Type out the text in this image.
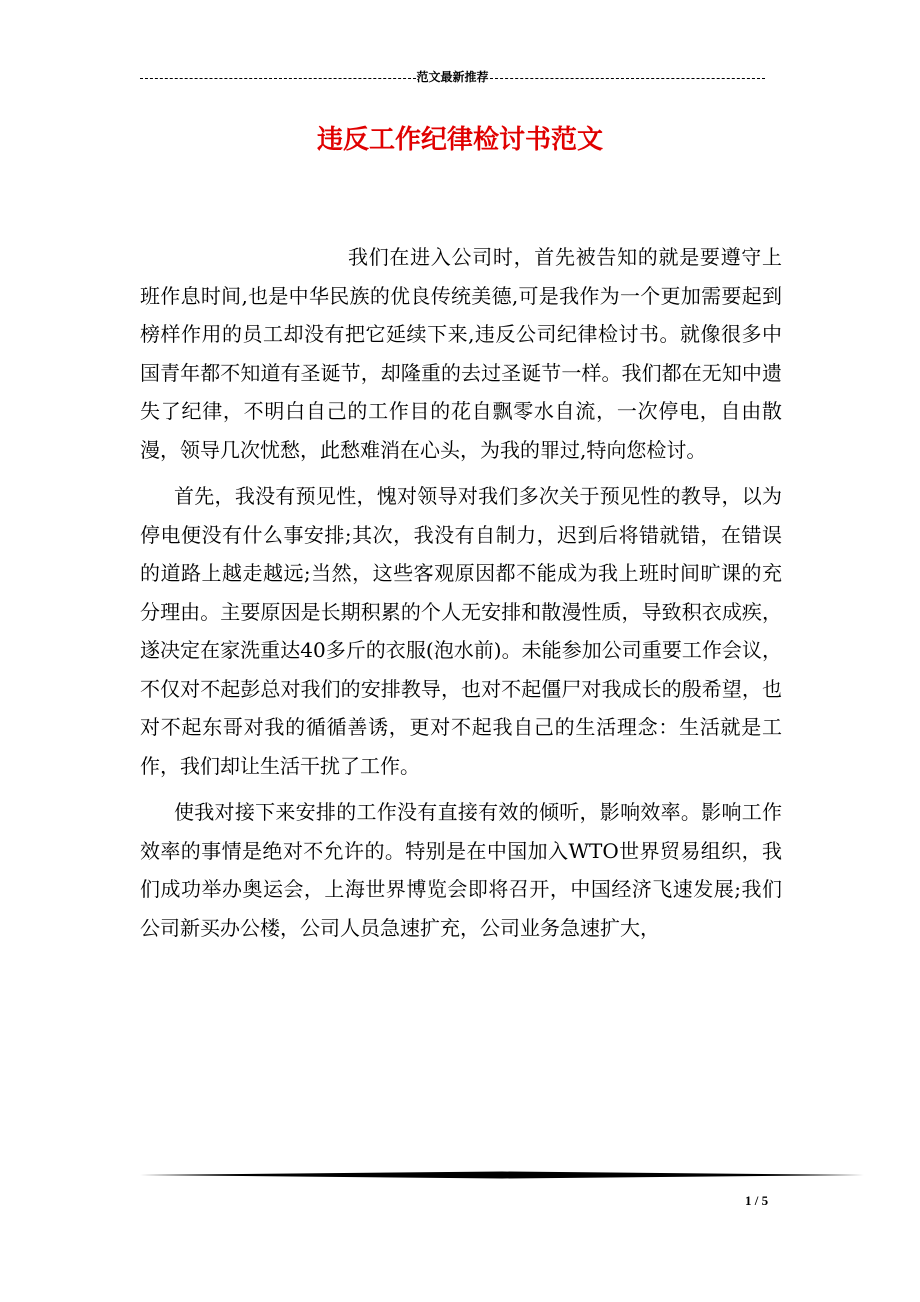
范文最新推荐
违反工作纪律检讨书范文

我们在进入公司时，首先被告知的就是要遵守上班作息时间,也是中华民族的优良传统美德,可是我作为一个更加需要起到榜样作用的员工却没有把它延续下来,违反公司纪律检讨书。就像很多中国青年都不知道有圣诞节，却隆重的去过圣诞节一样。我们都在无知中遗失了纪律，不明白自己的工作目的花自飘零水自流，一次停电，自由散漫，领导几次忧愁，此愁难消在心头，为我的罪过,特向您检讨。

首先，我没有预见性，愧对领导对我们多次关于预见性的教导，以为停电便没有什么事安排;其次，我没有自制力，迟到后将错就错，在错误的道路上越走越远;当然，这些客观原因都不能成为我上班时间旷课的充分理由。主要原因是长期积累的个人无安排和散漫性质，导致积衣成疾，遂决定在家洗重达40多斤的衣服(泡水前)。未能参加公司重要工作会议，不仅对不起彭总对我们的安排教导，也对不起僵尸对我成长的殷希望，也对不起东哥对我的循循善诱，更对不起我自己的生活理念：生活就是工作，我们却让生活干扰了工作。

使我对接下来安排的工作没有直接有效的倾听，影响效率。影响工作效率的事情是绝对不允许的。特别是在中国加入WTO世界贸易组织，我们成功举办奥运会，上海世界博览会即将召开，中国经济飞速发展;我们公司新买办公楼，公司人员急速扩充，公司业务急速扩大，

1 / 5
